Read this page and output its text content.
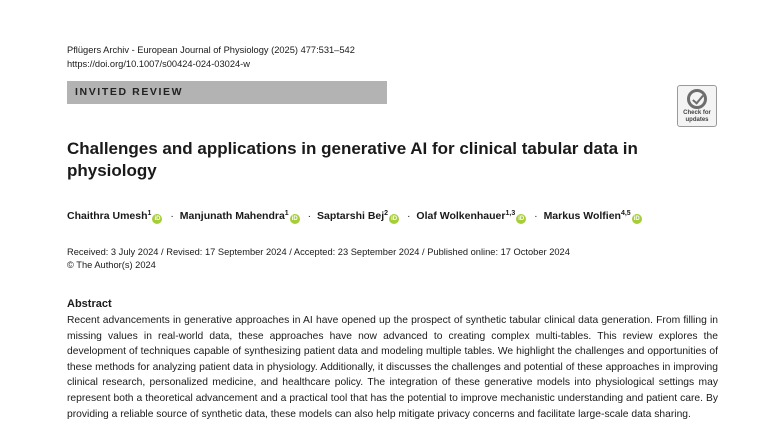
Pflügers Archiv - European Journal of Physiology (2025) 477:531–542
https://doi.org/10.1007/s00424-024-03024-w
INVITED REVIEW
Check for
updates
Challenges and applications in generative AI for clinical tabular data in physiology
Chaithra Umesh$^1$iD · Manjunath Mahendra$^1$iD · Saptarshi Bej$^2$iD · Olaf Wolkenhauer$^{1,3}$iD · Markus Wolfien$^{4,5}$iD
Received: 3 July 2024 / Revised: 17 September 2024 / Accepted: 23 September 2024 / Published online: 17 October 2024
© The Author(s) 2024
Abstract

Recent advancements in generative approaches in AI have opened up the prospect of synthetic tabular clinical data generation. From filling in missing values in real-world data, these approaches have now advanced to creating complex multi-tables. This review explores the development of techniques capable of synthesizing patient data and modeling multiple tables. We highlight the challenges and opportunities of these methods for analyzing patient data in physiology. Additionally, it discusses the challenges and potential of these approaches in improving clinical research, personalized medicine, and healthcare policy. The integration of these generative models into physiological settings may represent both a theoretical advancement and a practical tool that has the potential to improve mechanistic understanding and patient care. By providing a reliable source of synthetic data, these models can also help mitigate privacy concerns and facilitate large-scale data sharing.
